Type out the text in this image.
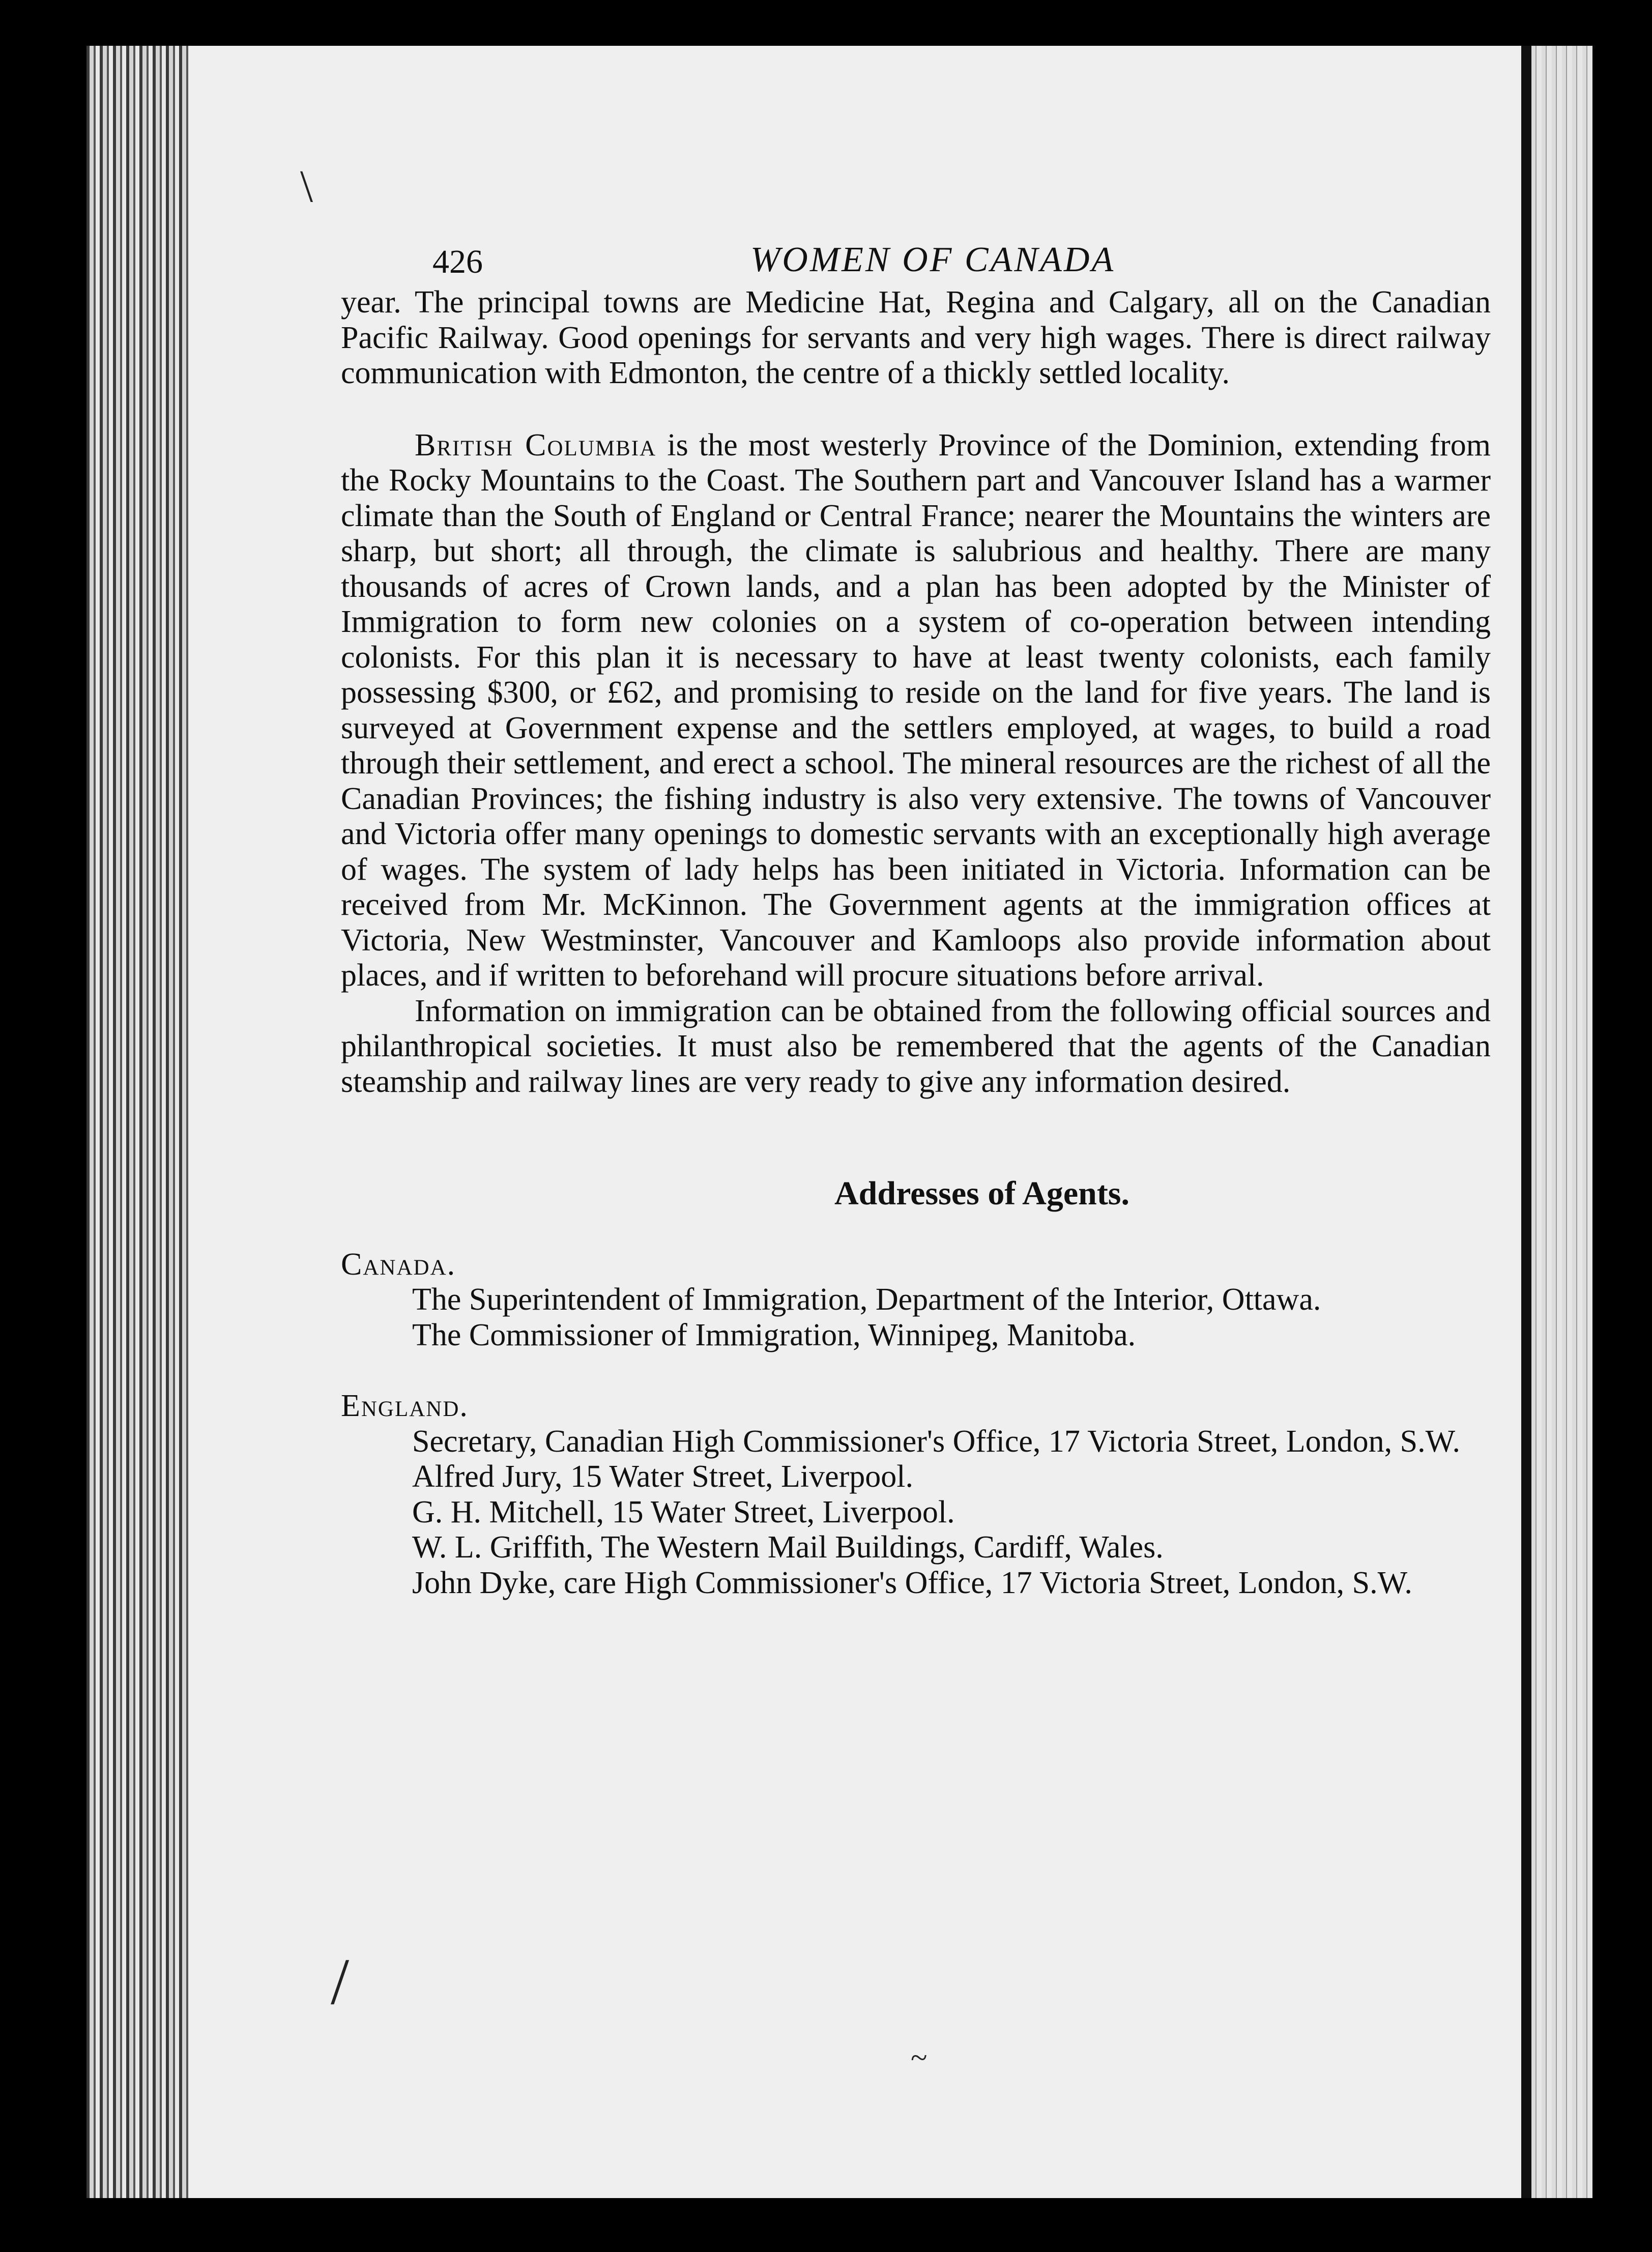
\
/
~
426	WOMEN OF CANADA

year. The principal towns are Medicine Hat, Regina and Calgary, all on the Canadian Pacific Railway. Good openings for servants and very high wages. There is direct railway communication with Edmonton, the centre of a thickly settled locality.

British Columbia is the most westerly Province of the Dominion, extending from the Rocky Mountains to the Coast. The Southern part and Vancouver Island has a warmer climate than the South of England or Central France; nearer the Mountains the winters are sharp, but short; all through, the climate is salubrious and healthy. There are many thousands of acres of Crown lands, and a plan has been adopted by the Minister of Immigration to form new colonies on a system of co-operation between intending colonists. For this plan it is necessary to have at least twenty colonists, each family possessing $300, or £62, and promising to reside on the land for five years. The land is surveyed at Government expense and the settlers employed, at wages, to build a road through their settlement, and erect a school. The mineral resources are the richest of all the Canadian Provinces; the fishing industry is also very extensive. The towns of Vancouver and Victoria offer many openings to domestic servants with an exceptionally high average of wages. The system of lady helps has been initiated in Victoria. Information can be received from Mr. McKinnon. The Government agents at the immigration offices at Victoria, New Westminster, Vancouver and Kamloops also provide information about places, and if written to beforehand will procure situations before arrival.

Information on immigration can be obtained from the following official sources and philanthropical societies. It must also be remembered that the agents of the Canadian steamship and railway lines are very ready to give any information desired.

Addresses of Agents.
Canada.
The Superintendent of Immigration, Department of the Interior, Ottawa.
The Commissioner of Immigration, Winnipeg, Manitoba.
England.
Secretary, Canadian High Commissioner's Office, 17 Victoria Street, London, S.W.
Alfred Jury, 15 Water Street, Liverpool.
G. H. Mitchell, 15 Water Street, Liverpool.
W. L. Griffith, The Western Mail Buildings, Cardiff, Wales.
John Dyke, care High Commissioner's Office, 17 Victoria Street, London, S.W.
